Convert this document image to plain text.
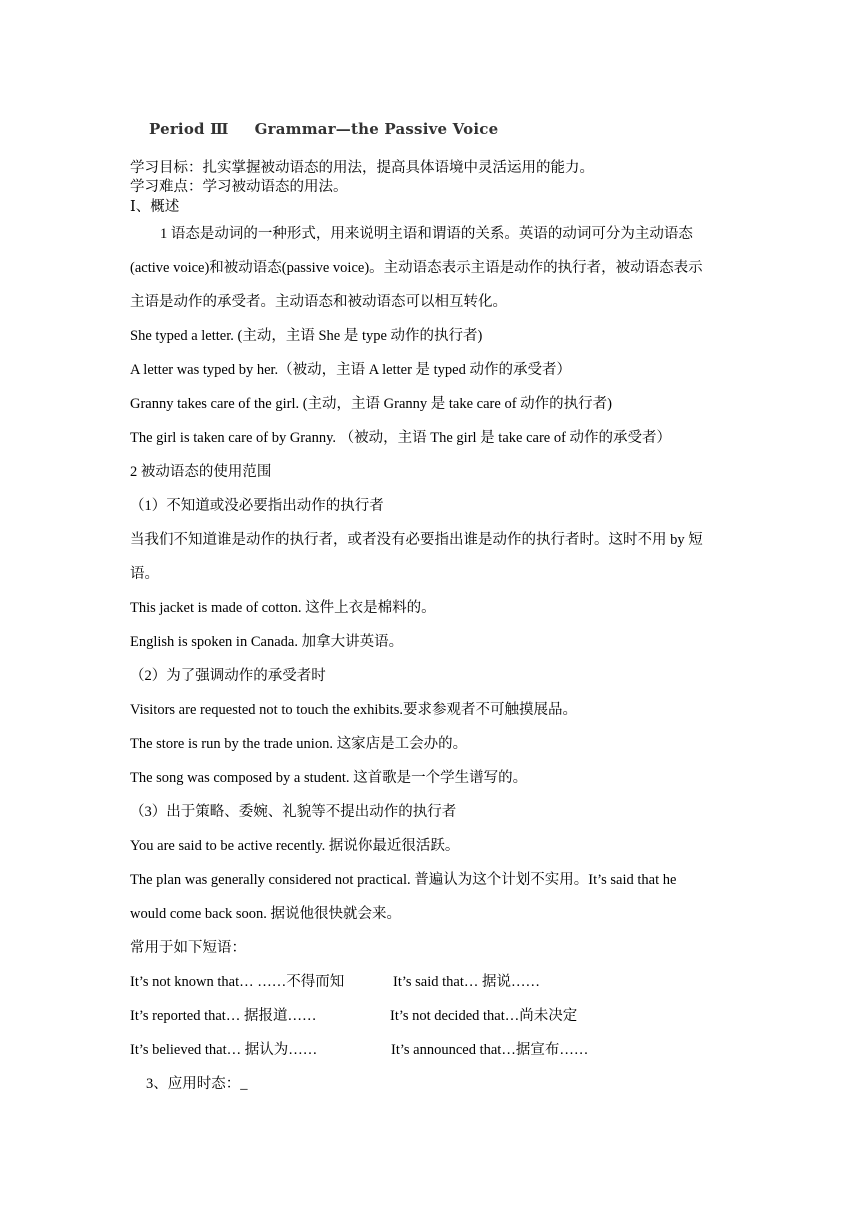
Period Ⅲ Grammar—the Passive Voice
学习目标：扎实掌握被动语态的用法，提高具体语境中灵活运用的能力。
学习难点：学习被动语态的用法。
Ⅰ、概述
1 语态是动词的一种形式，用来说明主语和谓语的关系。英语的动词可分为主动语态
(active voice)和被动语态(passive voice)。主动语态表示主语是动作的执行者，被动语态表示
主语是动作的承受者。主动语态和被动语态可以相互转化。
She typed a letter. (主动，主语 She 是 type 动作的执行者)
A letter was typed by her.（被动，主语 A letter 是 typed 动作的承受者）
Granny takes care of the girl. (主动，主语 Granny 是 take care of 动作的执行者)
The girl is taken care of by Granny. （被动，主语 The girl 是 take care of 动作的承受者）
2 被动语态的使用范围
（1）不知道或没必要指出动作的执行者
当我们不知道谁是动作的执行者，或者没有必要指出谁是动作的执行者时。这时不用 by 短
语。
This jacket is made of cotton. 这件上衣是棉料的。
English is spoken in Canada. 加拿大讲英语。
（2）为了强调动作的承受者时
Visitors are requested not to touch the exhibits.要求参观者不可触摸展品。
The store is run by the trade union. 这家店是工会办的。
The song was composed by a student. 这首歌是一个学生谱写的。
（3）出于策略、委婉、礼貌等不提出动作的执行者
You are said to be active recently. 据说你最近很活跃。
The plan was generally considered not practical. 普遍认为这个计划不实用。It’s said that he
would come back soon. 据说他很快就会来。
常用于如下短语：
It’s not known that… ……不得而知	It’s said that… 据说……
It’s reported that… 据报道……	It’s not decided that…尚未决定
It’s believed that… 据认为……	It’s announced that…据宣布……
3、应用时态：_
